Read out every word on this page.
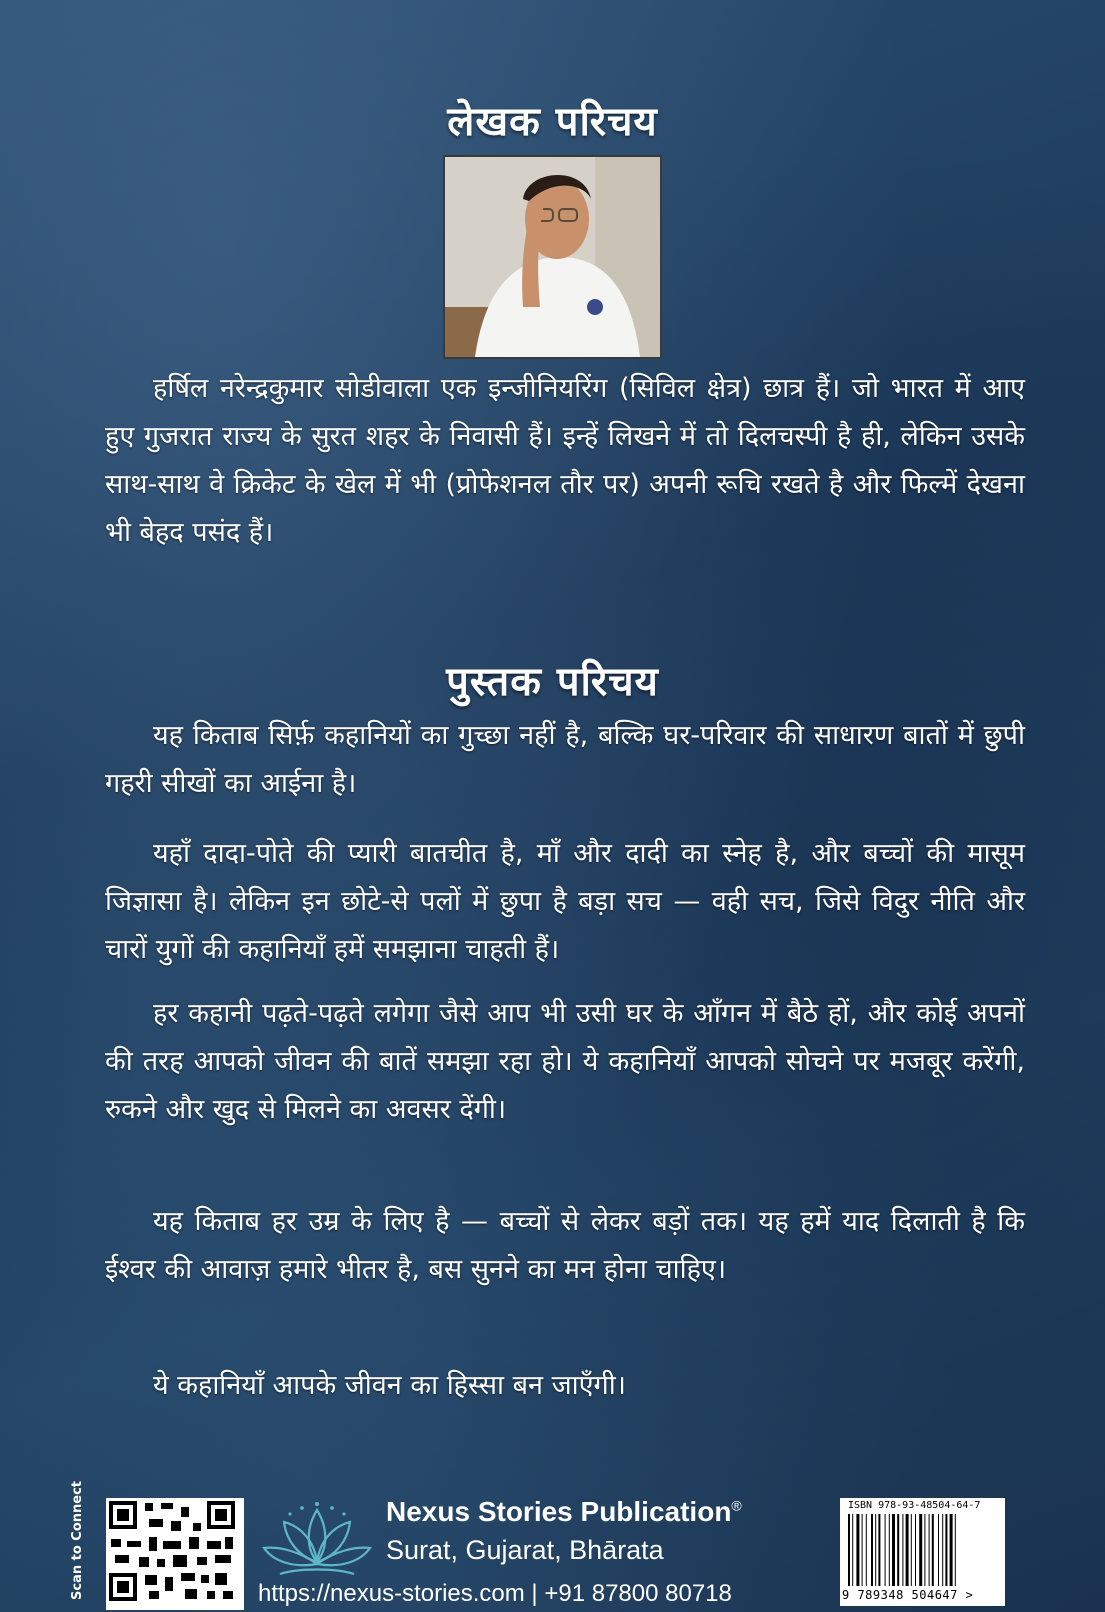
लेखक परिचय
हर्षिल नरेन्द्रकुमार सोडीवाला एक इन्जीनियरिंग (सिविल क्षेत्र) छात्र हैं। जो भारत में आए हुए गुजरात राज्य के सुरत शहर के निवासी हैं। इन्हें लिखने में तो दिलचस्पी है ही, लेकिन उसके साथ-साथ वे क्रिकेट के खेल में भी (प्रोफेशनल तौर पर) अपनी रूचि रखते है और फिल्में देखना भी बेहद पसंद हैं।
पुस्तक परिचय
यह किताब सिर्फ़ कहानियों का गुच्छा नहीं है, बल्कि घर-परिवार की साधारण बातों में छुपी गहरी सीखों का आईना है।
यहाँ दादा-पोते की प्यारी बातचीत है, माँ और दादी का स्नेह है, और बच्चों की मासूम जिज्ञासा है। लेकिन इन छोटे-से पलों में छुपा है बड़ा सच — वही सच, जिसे विदुर नीति और चारों युगों की कहानियाँ हमें समझाना चाहती हैं।
हर कहानी पढ़ते-पढ़ते लगेगा जैसे आप भी उसी घर के आँगन में बैठे हों, और कोई अपनों की तरह आपको जीवन की बातें समझा रहा हो। ये कहानियाँ आपको सोचने पर मजबूर करेंगी, रुकने और खुद से मिलने का अवसर देंगी।
यह किताब हर उम्र के लिए है — बच्चों से लेकर बड़ों तक। यह हमें याद दिलाती है कि ईश्वर की आवाज़ हमारे भीतर है, बस सुनने का मन होना चाहिए।
ये कहानियाँ आपके जीवन का हिस्सा बन जाएँगी।
Scan to Connect	Nexus Stories Publication®
Surat, Gujarat, Bhārata
https://nexus-stories.com | +91 87800 80718
ISBN 978-93-48504-64-7
9 789348 504647 >
